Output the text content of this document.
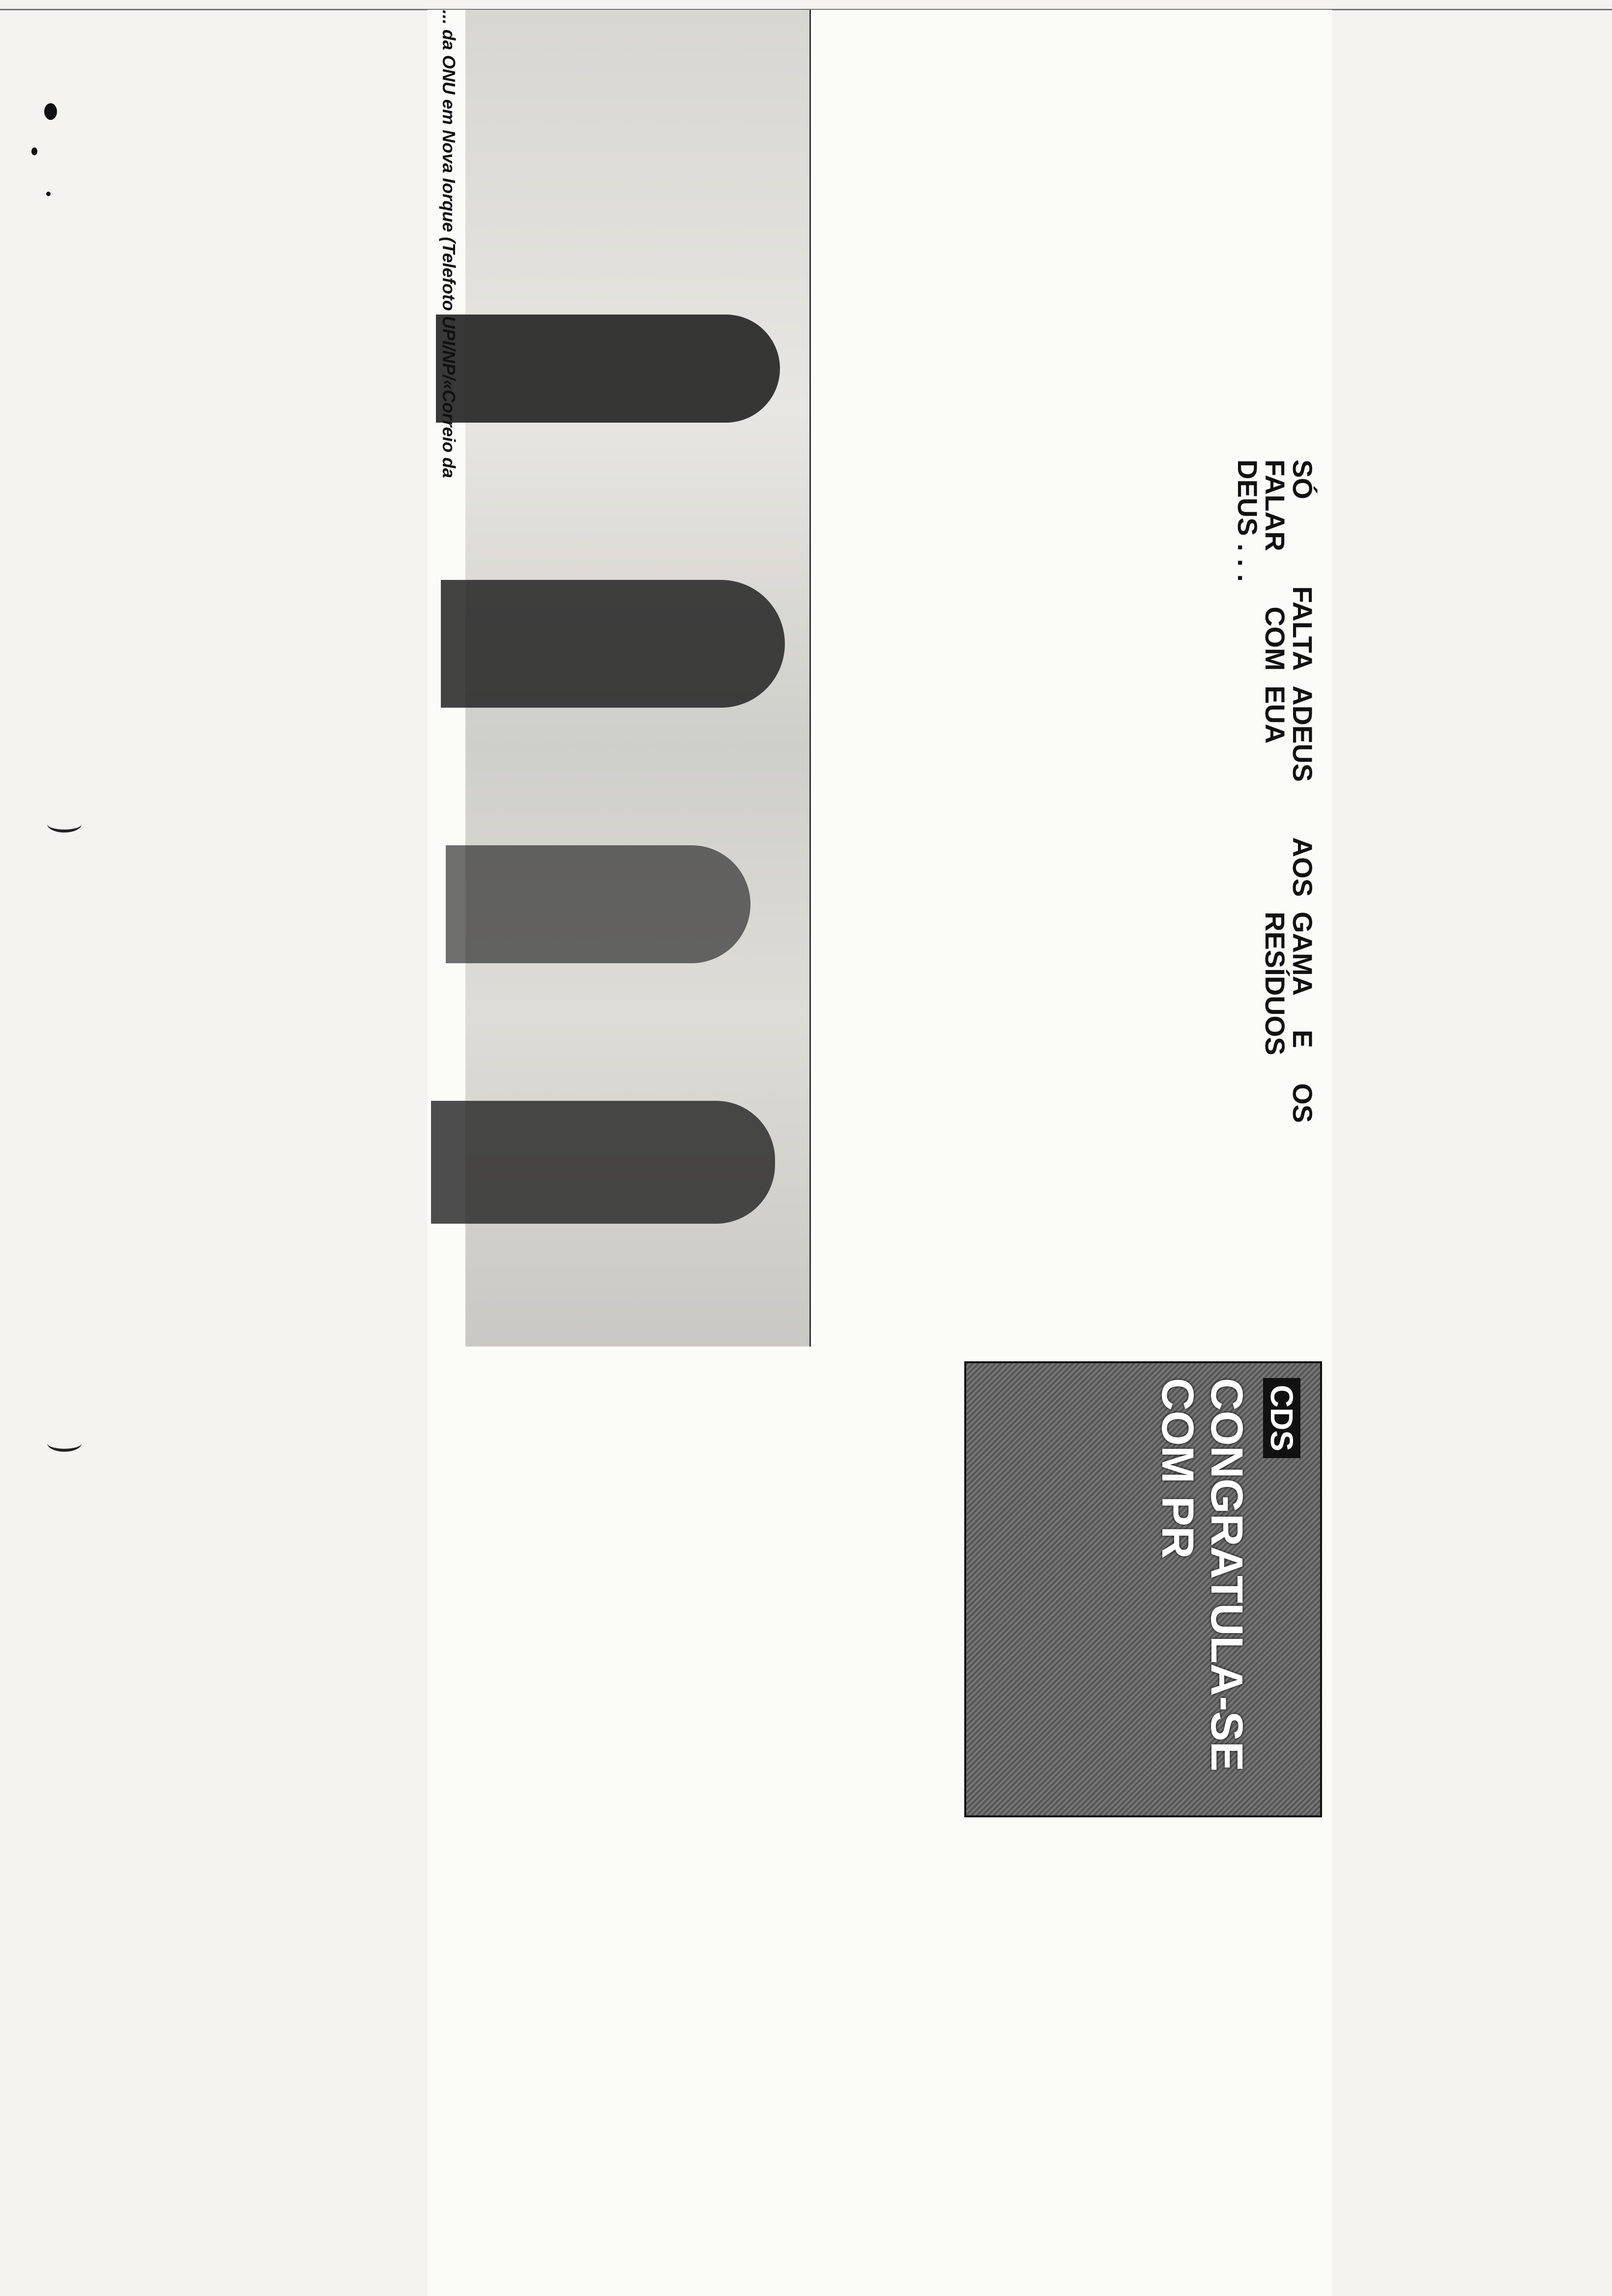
SÓ FALTA FALAR COM DEUS . . .
ADEUS AOS EUA
GAMA E OS RESÍDUOS
CDS
CONGRATULA-SE COM PR
... da ONU em Nova Iorque (Telefoto UPI/NP/«Correio da
